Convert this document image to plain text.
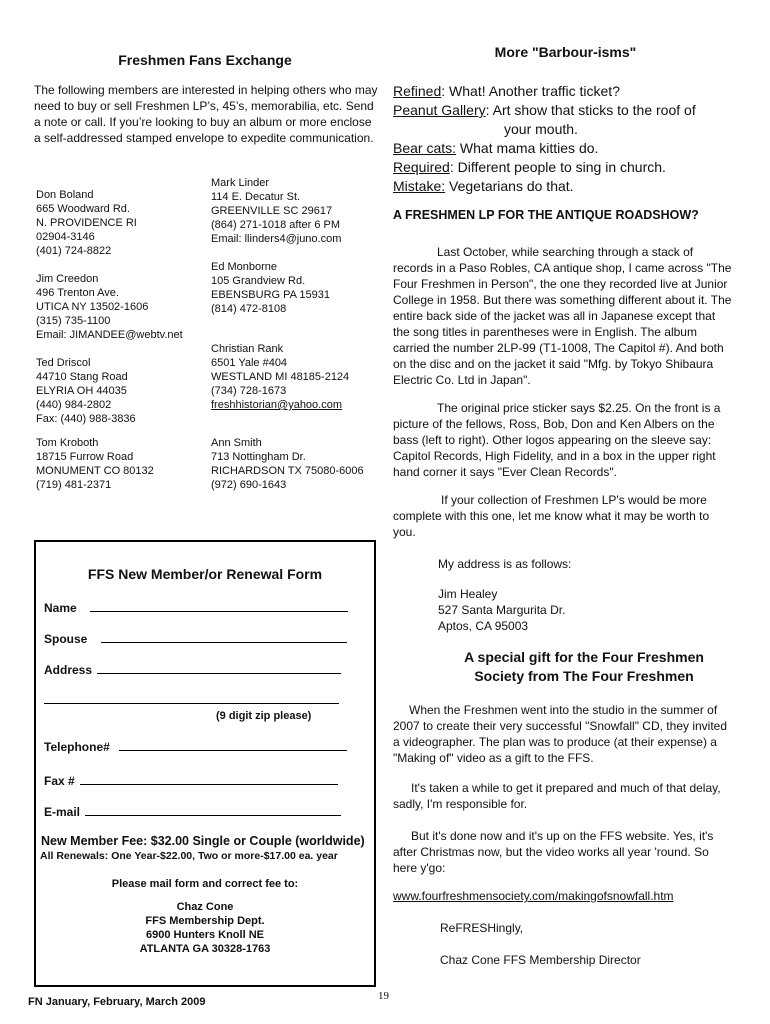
Freshmen Fans Exchange
The following members are interested in helping others who may need to buy or sell Freshmen LP’s, 45’s, memorabilia, etc. Send a note or call. If you’re looking to buy an album or more enclose a self-addressed stamped envelope to expedite communication.
Don Boland
665 Woodward Rd.
N. PROVIDENCE RI
02904-3146
(401) 724-8822
Jim Creedon
496 Trenton Ave.
UTICA NY 13502-1606
(315) 735-1100
Email: JIMANDEE@webtv.net
Ted Driscol
44710 Stang Road
ELYRIA OH 44035
(440) 984-2802
Fax: (440) 988-3836
Tom Kroboth
18715 Furrow Road
MONUMENT CO 80132
(719) 481-2371
Mark Linder
114 E. Decatur St.
GREENVILLE SC 29617
(864) 271-1018 after 6 PM
Email: llinders4@juno.com
Ed Monborne
105 Grandview Rd.
EBENSBURG PA 15931
(814) 472-8108
Christian Rank
6501 Yale #404
WESTLAND MI 48185-2124
(734) 728-1673
freshhistorian@yahoo.com
Ann Smith
713 Nottingham Dr.
RICHARDSON TX 75080-6006
(972) 690-1643
FFS New Member/or Renewal Form
Name
Spouse
Address
(9 digit zip please)
Telephone#
Fax #
E-mail
New Member Fee: $32.00 Single or Couple (worldwide)
All Renewals: One Year-$22.00, Two or more-$17.00 ea. year
Please mail form and correct fee to:
Chaz Cone
FFS Membership Dept.
6900 Hunters Knoll NE
ATLANTA GA 30328-1763
More "Barbour-isms"
Refined: What! Another traffic ticket?
Peanut Gallery: Art show that sticks to the roof of
your mouth.
Bear cats: What mama kitties do.
Required: Different people to sing in church.
Mistake: Vegetarians do that.
A FRESHMEN LP FOR THE ANTIQUE ROADSHOW?
Last October, while searching through a stack of records in a Paso Robles, CA antique shop, I came across "The Four Freshmen in Person", the one they recorded live at Junior College in 1958. But there was something different about it. The entire back side of the jacket was all in Japanese except that the song titles in parentheses were in English. The album carried the number 2LP-99 (T1-1008, The Capitol #). And both on the disc and on the jacket it said "Mfg. by Tokyo Shibaura Electric Co. Ltd in Japan".
The original price sticker says $2.25. On the front is a picture of the fellows, Ross, Bob, Don and Ken Albers on the bass (left to right). Other logos appearing on the sleeve say: Capitol Records, High Fidelity, and in a box in the upper right hand corner it says "Ever Clean Records".
If your collection of Freshmen LP's would be more complete with this one, let me know what it may be worth to you.
My address is as follows:
Jim Healey
527 Santa Margurita Dr.
Aptos, CA 95003
A special gift for the Four Freshmen
Society from The Four Freshmen
When the Freshmen went into the studio in the summer of 2007 to create their very successful "Snowfall" CD, they invited a videographer. The plan was to produce (at their expense) a "Making of" video as a gift to the FFS.
It's taken a while to get it prepared and much of that delay, sadly, I'm responsible for.
But it's done now and it's up on the FFS website. Yes, it's after Christmas now, but the video works all year 'round. So here y'go:
www.fourfreshmensociety.com/makingofsnowfall.htm
ReFRESHingly,
Chaz Cone FFS Membership Director
FN January, February, March 2009	19
